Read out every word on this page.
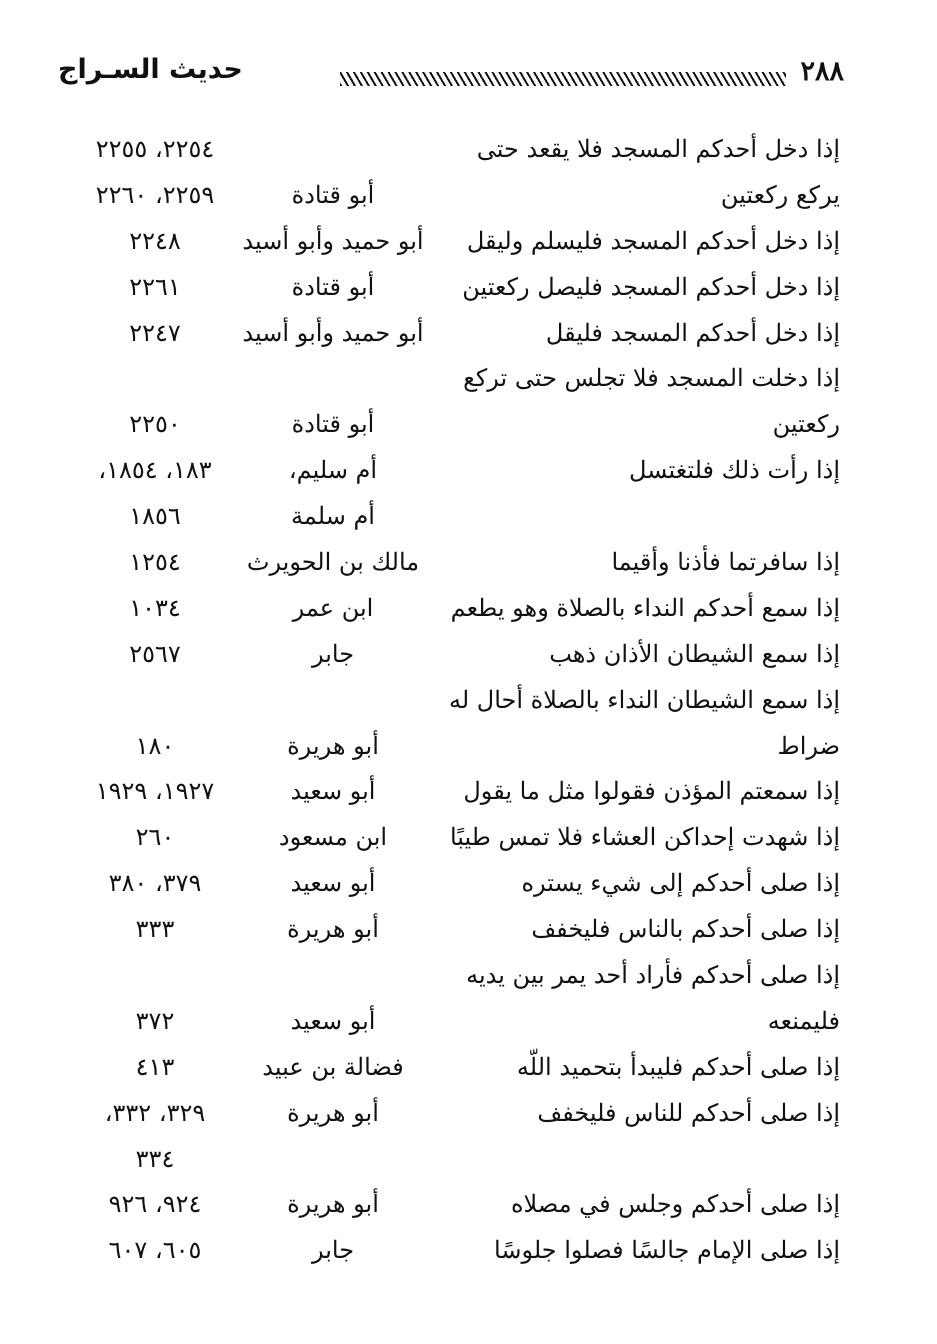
حديث السـراج	٢٨٨
إذا دخل أحدكم المسجد فلا يقعد حتى
٢٢٥٤، ٢٢٥٥
يركع ركعتين
أبو قتادة
٢٢٥٩، ٢٢٦٠
إذا دخل أحدكم المسجد فليسلم وليقل
أبو حميد وأبو أسيد
٢٢٤٨
إذا دخل أحدكم المسجد فليصل ركعتين
أبو قتادة
٢٢٦١
إذا دخل أحدكم المسجد فليقل
أبو حميد وأبو أسيد
٢٢٤٧
إذا دخلت المسجد فلا تجلس حتى تركع
ركعتين
أبو قتادة
٢٢٥٠
إذا رأت ذلك فلتغتسل
أم سليم،
١٨٣، ١٨٥٤،
أم سلمة
١٨٥٦
إذا سافرتما فأذنا وأقيما
مالك بن الحويرث
١٢٥٤
إذا سمع أحدكم النداء بالصلاة وهو يطعم
ابن عمر
١٠٣٤
إذا سمع الشيطان الأذان ذهب
جابر
٢٥٦٧
إذا سمع الشيطان النداء بالصلاة أحال له
ضراط
أبو هريرة
١٨٠
إذا سمعتم المؤذن فقولوا مثل ما يقول
أبو سعيد
١٩٢٧، ١٩٢٩
إذا شهدت إحداكن العشاء فلا تمس طيبًا
ابن مسعود
٢٦٠
إذا صلى أحدكم إلى شيء يستره
أبو سعيد
٣٧٩، ٣٨٠
إذا صلى أحدكم بالناس فليخفف
أبو هريرة
٣٣٣
إذا صلى أحدكم فأراد أحد يمر بين يديه
فليمنعه
أبو سعيد
٣٧٢
إذا صلى أحدكم فليبدأ بتحميد اللّه
فضالة بن عبيد
٤١٣
إذا صلى أحدكم للناس فليخفف
أبو هريرة
٣٢٩، ٣٣٢،
٣٣٤
إذا صلى أحدكم وجلس في مصلاه
أبو هريرة
٩٢٤، ٩٢٦
إذا صلى الإمام جالسًا فصلوا جلوسًا
جابر
٦٠٥، ٦٠٧
